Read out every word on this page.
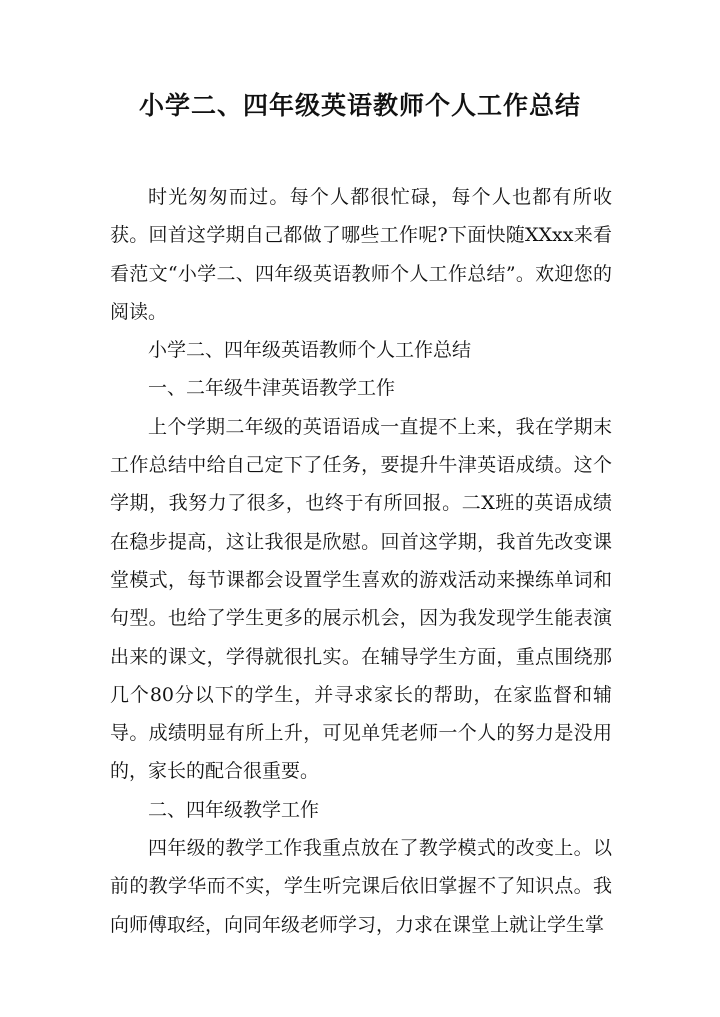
小学二、四年级英语教师个人工作总结

时光匆匆而过。每个人都很忙碌，每个人也都有所收获。回首这学期自己都做了哪些工作呢?下面快随XXxx来看看范文“小学二、四年级英语教师个人工作总结”。欢迎您的阅读。

小学二、四年级英语教师个人工作总结

一、二年级牛津英语教学工作

上个学期二年级的英语语成一直提不上来，我在学期末工作总结中给自己定下了任务，要提升牛津英语成绩。这个学期，我努力了很多，也终于有所回报。二X班的英语成绩在稳步提高，这让我很是欣慰。回首这学期，我首先改变课堂模式，每节课都会设置学生喜欢的游戏活动来操练单词和句型。也给了学生更多的展示机会，因为我发现学生能表演出来的课文，学得就很扎实。在辅导学生方面，重点围绕那几个80分以下的学生，并寻求家长的帮助，在家监督和辅导。成绩明显有所上升，可见单凭老师一个人的努力是没用的，家长的配合很重要。

二、四年级教学工作

四年级的教学工作我重点放在了教学模式的改变上。以前的教学华而不实，学生听完课后依旧掌握不了知识点。我向师傅取经，向同年级老师学习，力求在课堂上就让学生掌
